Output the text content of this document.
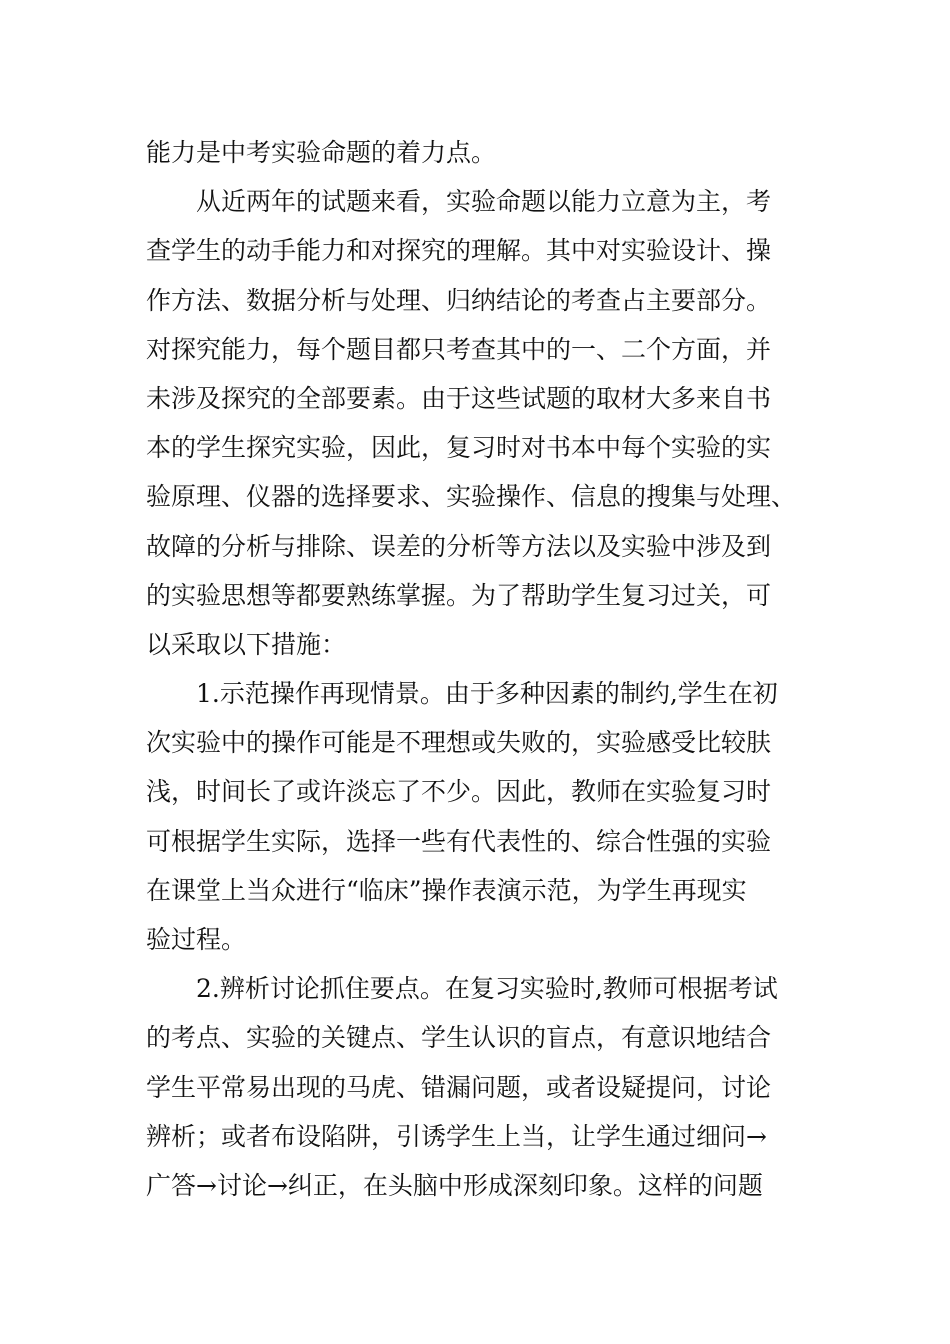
能力是中考实验命题的着力点。
从近两年的试题来看，实验命题以能力立意为主，考
查学生的动手能力和对探究的理解。其中对实验设计、操
作方法、数据分析与处理、归纳结论的考查占主要部分。
对探究能力，每个题目都只考查其中的一、二个方面，并
未涉及探究的全部要素。由于这些试题的取材大多来自书
本的学生探究实验，因此，复习时对书本中每个实验的实
验原理、仪器的选择要求、实验操作、信息的搜集与处理、
故障的分析与排除、误差的分析等方法以及实验中涉及到
的实验思想等都要熟练掌握。为了帮助学生复习过关，可
以采取以下措施：
1.示范操作再现情景。由于多种因素的制约,学生在初
次实验中的操作可能是不理想或失败的，实验感受比较肤
浅，时间长了或许淡忘了不少。因此，教师在实验复习时
可根据学生实际，选择一些有代表性的、综合性强的实验
在课堂上当众进行“临床”操作表演示范，为学生再现实
验过程。
2.辨析讨论抓住要点。在复习实验时,教师可根据考试
的考点、实验的关键点、学生认识的盲点，有意识地结合
学生平常易出现的马虎、错漏问题，或者设疑提问，讨论
辨析；或者布设陷阱，引诱学生上当，让学生通过细问→
广答→讨论→纠正，在头脑中形成深刻印象。这样的问题
